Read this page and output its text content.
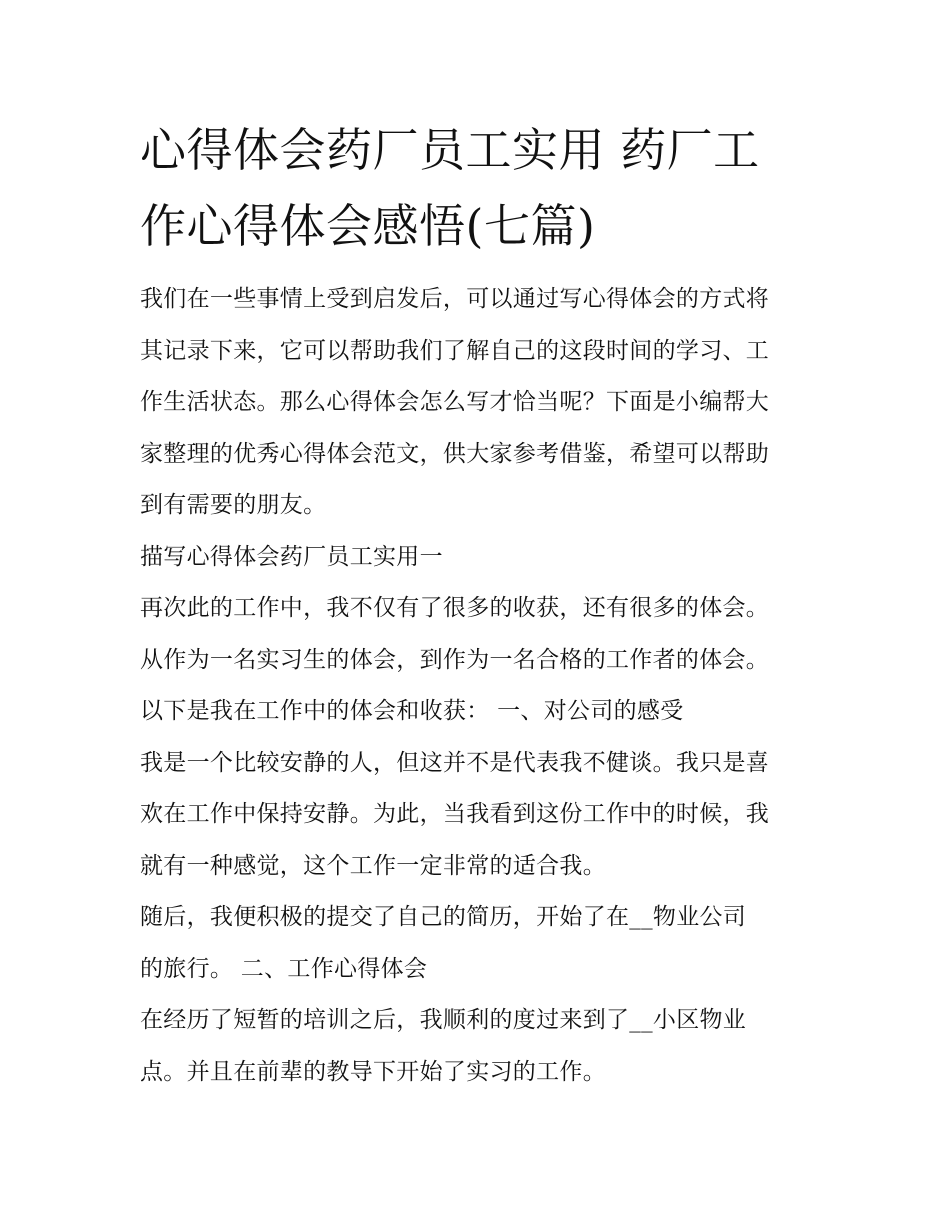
心得体会药厂员工实用 药厂工
作心得体会感悟(七篇)
我们在一些事情上受到启发后，可以通过写心得体会的方式将
其记录下来，它可以帮助我们了解自己的这段时间的学习、工
作生活状态。那么心得体会怎么写才恰当呢？下面是小编帮大
家整理的优秀心得体会范文，供大家参考借鉴，希望可以帮助
到有需要的朋友。
描写心得体会药厂员工实用一
再次此的工作中，我不仅有了很多的收获，还有很多的体会。
从作为一名实习生的体会，到作为一名合格的工作者的体会。
以下是我在工作中的体会和收获： 一、对公司的感受
我是一个比较安静的人，但这并不是代表我不健谈。我只是喜
欢在工作中保持安静。为此，当我看到这份工作中的时候，我
就有一种感觉，这个工作一定非常的适合我。
随后，我便积极的提交了自己的简历，开始了在__物业公司
的旅行。 二、工作心得体会
在经历了短暂的培训之后，我顺利的度过来到了__小区物业
点。并且在前辈的教导下开始了实习的工作。
